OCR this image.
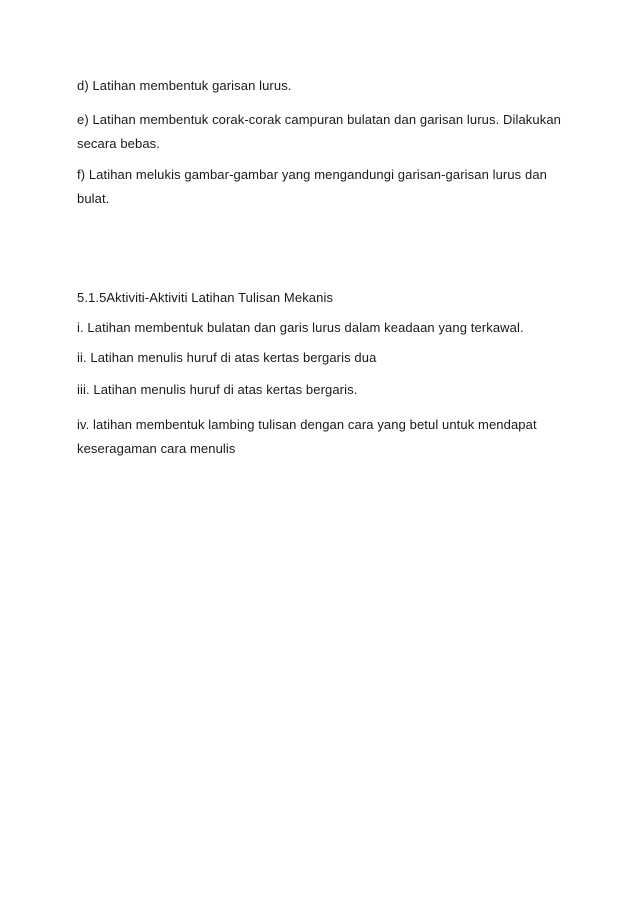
d) Latihan membentuk garisan lurus.

e) Latihan membentuk corak-corak campuran bulatan dan garisan lurus. Dilakukan secara bebas.

f) Latihan melukis gambar-gambar yang mengandungi garisan-garisan lurus dan bulat.

5.1.5Aktiviti-Aktiviti Latihan Tulisan Mekanis

i. Latihan membentuk bulatan dan garis lurus dalam keadaan yang terkawal.

ii. Latihan menulis huruf di atas kertas bergaris dua

iii. Latihan menulis huruf di atas kertas bergaris.

iv. latihan membentuk lambing tulisan dengan cara yang betul untuk mendapat keseragaman cara menulis
